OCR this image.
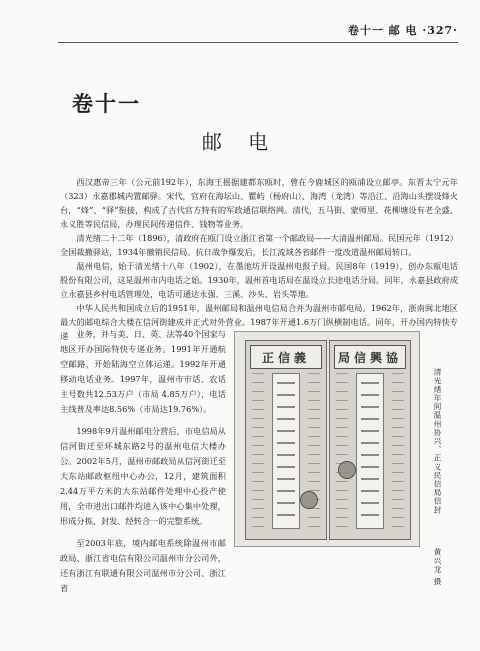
卷十一 邮 电 ·327·
卷十一
邮 电

西汉惠帝三年（公元前192年），东海王摇据建都东瓯时，曾在今鹿城区的瓯浦设立邮亭。东晋太宁元年（323）永嘉郡城内置邮驿。宋代，官府在海坛山、瞿屿（杨府山）、海湾（龙湾）等沿江、沿海山头摆设烽火台，“烽”、“驿”衔接，构成了古代官方特有的军政通信联络网。清代，五马街、蒙师里、花柳塘设有老全盛、永义胜等民信局，办理民间传递信件、钱物等业务。

清光绪二十二年（1896），清政府在瓯门设立浙江省第一个邮政局——大清温州邮局。民国元年（1912）全国裁撤驿站，1934年撤销民信局。抗日战争爆发后，长江流域各省邮件一度改道温州邮局转口。

温州电信，始于清光绪十八年（1902），在墨池坊开设温州电报子局。民国8年（1919），创办东瓯电话股份有限公司，这是温州市内电话之始。1930年，温州首电话局在温设立长途电话分局。同年，永嘉县政府成立永嘉县乡村电话管理处，电话可通达永强、三溪、沙头、岩头等地。

中华人民共和国成立后的1951年，温州邮局和温州电信局合并为温州市邮电局。1962年，浙南闽北地区最大的邮电综合大楼在信河街建成并正式对外营业。1987年开通1.6万门纵横制电话。同年，开办国内特快专递 业务，并与美、日、英、法等40个国家与地区开办国际特快专递业务。1991年开通航空邮路，开始陆海空立体运递。1992年开通移动电话业务。1997年，温州市市话、农话主号数共12.53万户（市局 4.85万户），电话主线普及率达8.56%（市局达19.76%）。

1998年9月温州邮电分营后，市电信局从信河街迁至环城东路2号的温州电信大楼办公。2002年5月，温州市邮政局从信河街迁至大东站邮政枢纽中心办公，12月，建筑面积2.44万平方米的大东站邮件处理中心投产使用，全市进出口邮件均进入该中心集中处理，形成分拣、封发、经转合一的完整系统。

至2003年底，境内邮电系统除温州市邮政局、浙江省电信有限公司温州市分公司外，还有浙江有联通有限公司温州市分公司、浙江省

正信義	局信興協
清光绪年间温州协兴、正义民信局信封 黄兴龙 摄
